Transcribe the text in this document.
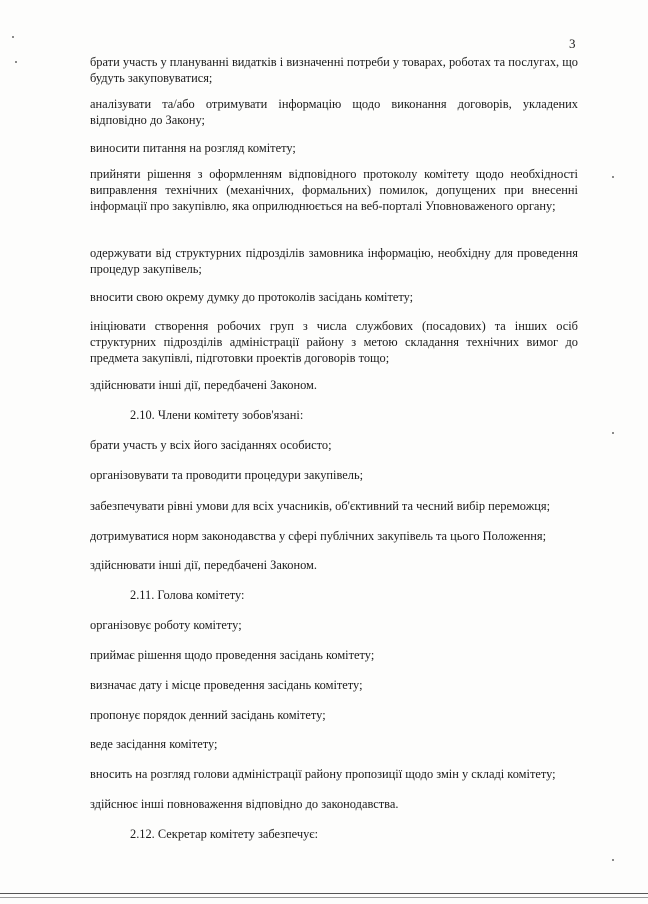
3

брати участь у плануванні видатків і визначенні потреби у товарах, роботах та послугах, що будуть закуповуватися;

аналізувати та/або отримувати інформацію щодо виконання договорів, укладених відповідно до Закону;

виносити питання на розгляд комітету;

прийняти рішення з оформленням відповідного протоколу комітету щодо необхідності виправлення технічних (механічних, формальних) помилок, допущених при внесенні інформації про закупівлю, яка оприлюднюється на веб-порталі Уповноваженого органу;

одержувати від структурних підрозділів замовника інформацію, необхідну для проведення процедур закупівель;

вносити свою окрему думку до протоколів засідань комітету;

ініціювати створення робочих груп з числа службових (посадових) та інших осіб структурних підрозділів адміністрації району з метою складання технічних вимог до предмета закупівлі, підготовки проектів договорів тощо;

здійснювати інші дії, передбачені Законом.

2.10. Члени комітету зобов'язані:

брати участь у всіх його засіданнях особисто;

організовувати та проводити процедури закупівель;

забезпечувати рівні умови для всіх учасників, об'єктивний та чесний вибір переможця;

дотримуватися норм законодавства у сфері публічних закупівель та цього Положення;

здійснювати інші дії, передбачені Законом.

2.11. Голова комітету:

організовує роботу комітету;

приймає рішення щодо проведення засідань комітету;

визначає дату і місце проведення засідань комітету;

пропонує порядок денний засідань комітету;

веде засідання комітету;

вносить на розгляд голови адміністрації району пропозиції щодо змін у складі комітету;

здійснює інші повноваження відповідно до законодавства.

2.12. Секретар комітету забезпечує:
